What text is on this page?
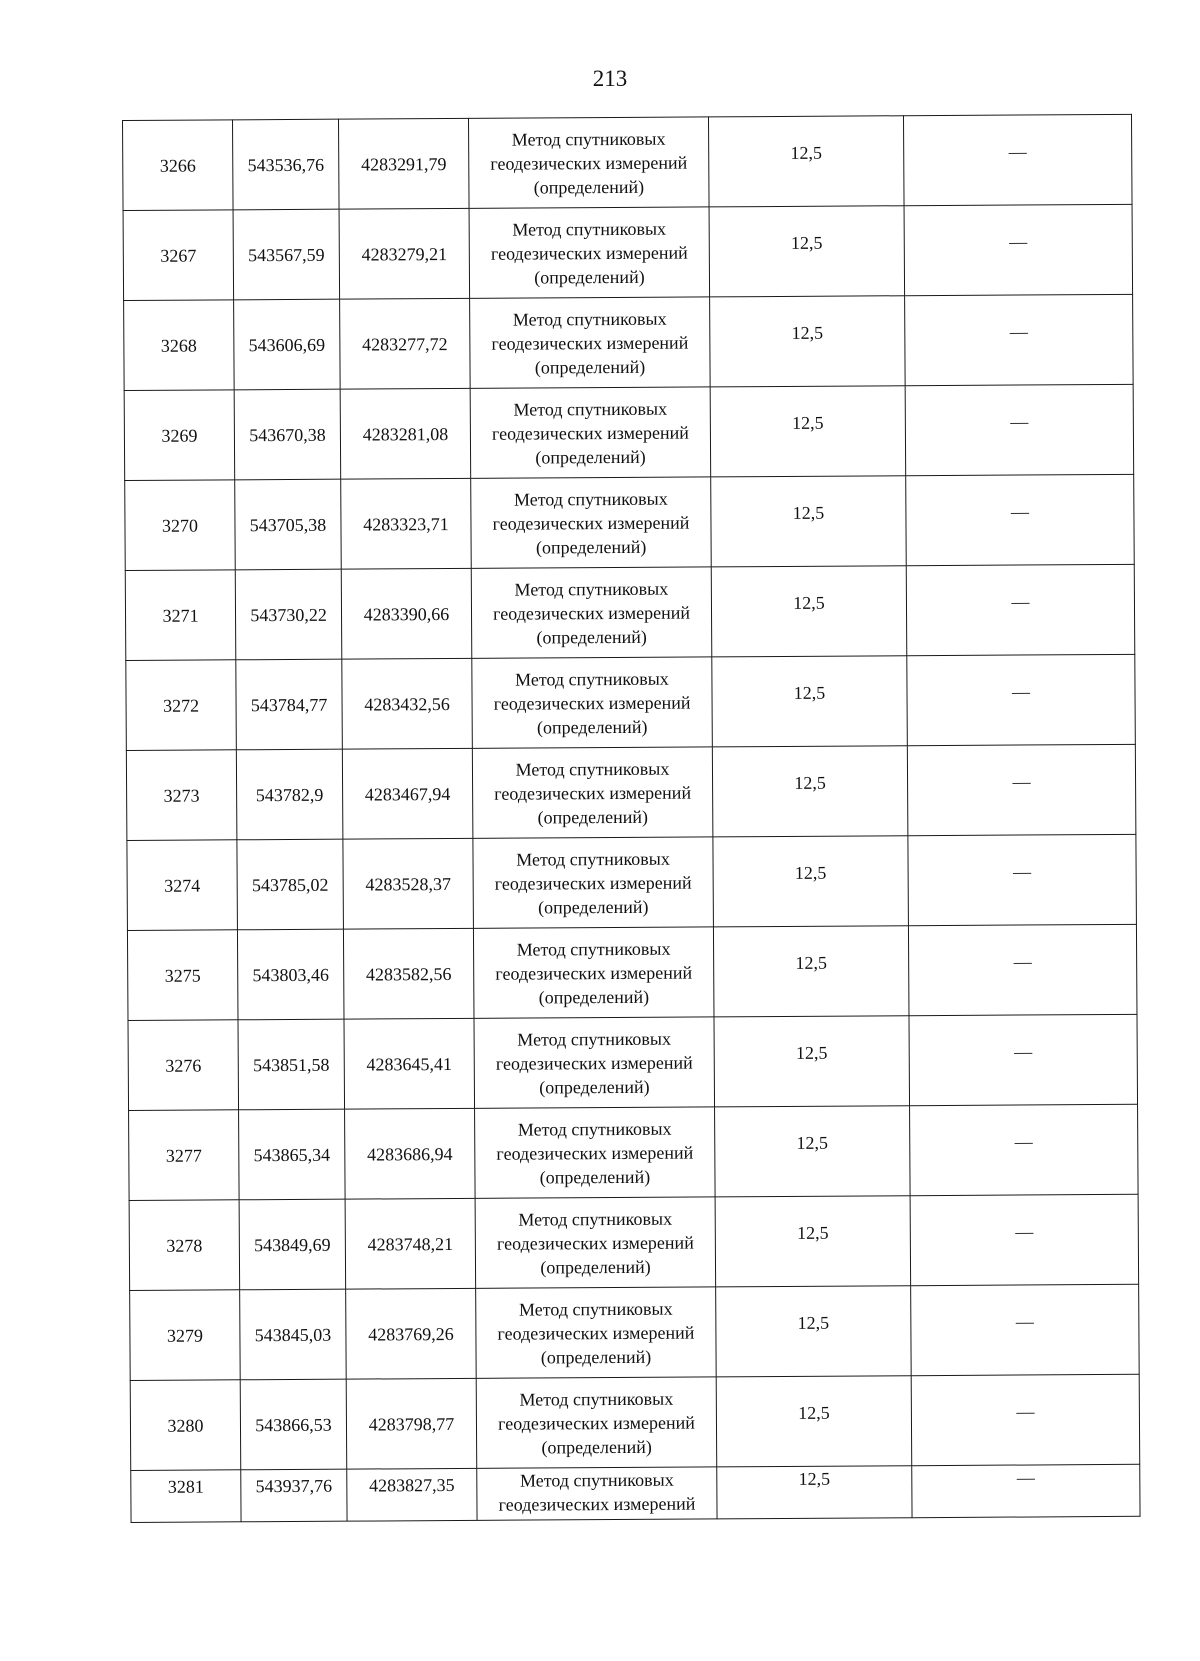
213
3266	543536,76	4283291,79	Метод спутниковых
геодезических измерений
(определений)	12,5	—
3267	543567,59	4283279,21	Метод спутниковых
геодезических измерений
(определений)	12,5	—
3268	543606,69	4283277,72	Метод спутниковых
геодезических измерений
(определений)	12,5	—
3269	543670,38	4283281,08	Метод спутниковых
геодезических измерений
(определений)	12,5	—
3270	543705,38	4283323,71	Метод спутниковых
геодезических измерений
(определений)	12,5	—
3271	543730,22	4283390,66	Метод спутниковых
геодезических измерений
(определений)	12,5	—
3272	543784,77	4283432,56	Метод спутниковых
геодезических измерений
(определений)	12,5	—
3273	543782,9	4283467,94	Метод спутниковых
геодезических измерений
(определений)	12,5	—
3274	543785,02	4283528,37	Метод спутниковых
геодезических измерений
(определений)	12,5	—
3275	543803,46	4283582,56	Метод спутниковых
геодезических измерений
(определений)	12,5	—
3276	543851,58	4283645,41	Метод спутниковых
геодезических измерений
(определений)	12,5	—
3277	543865,34	4283686,94	Метод спутниковых
геодезических измерений
(определений)	12,5	—
3278	543849,69	4283748,21	Метод спутниковых
геодезических измерений
(определений)	12,5	—
3279	543845,03	4283769,26	Метод спутниковых
геодезических измерений
(определений)	12,5	—
3280	543866,53	4283798,77	Метод спутниковых
геодезических измерений
(определений)	12,5	—
3281	543937,76	4283827,35	Метод спутниковых
геодезических измерений	12,5	—
